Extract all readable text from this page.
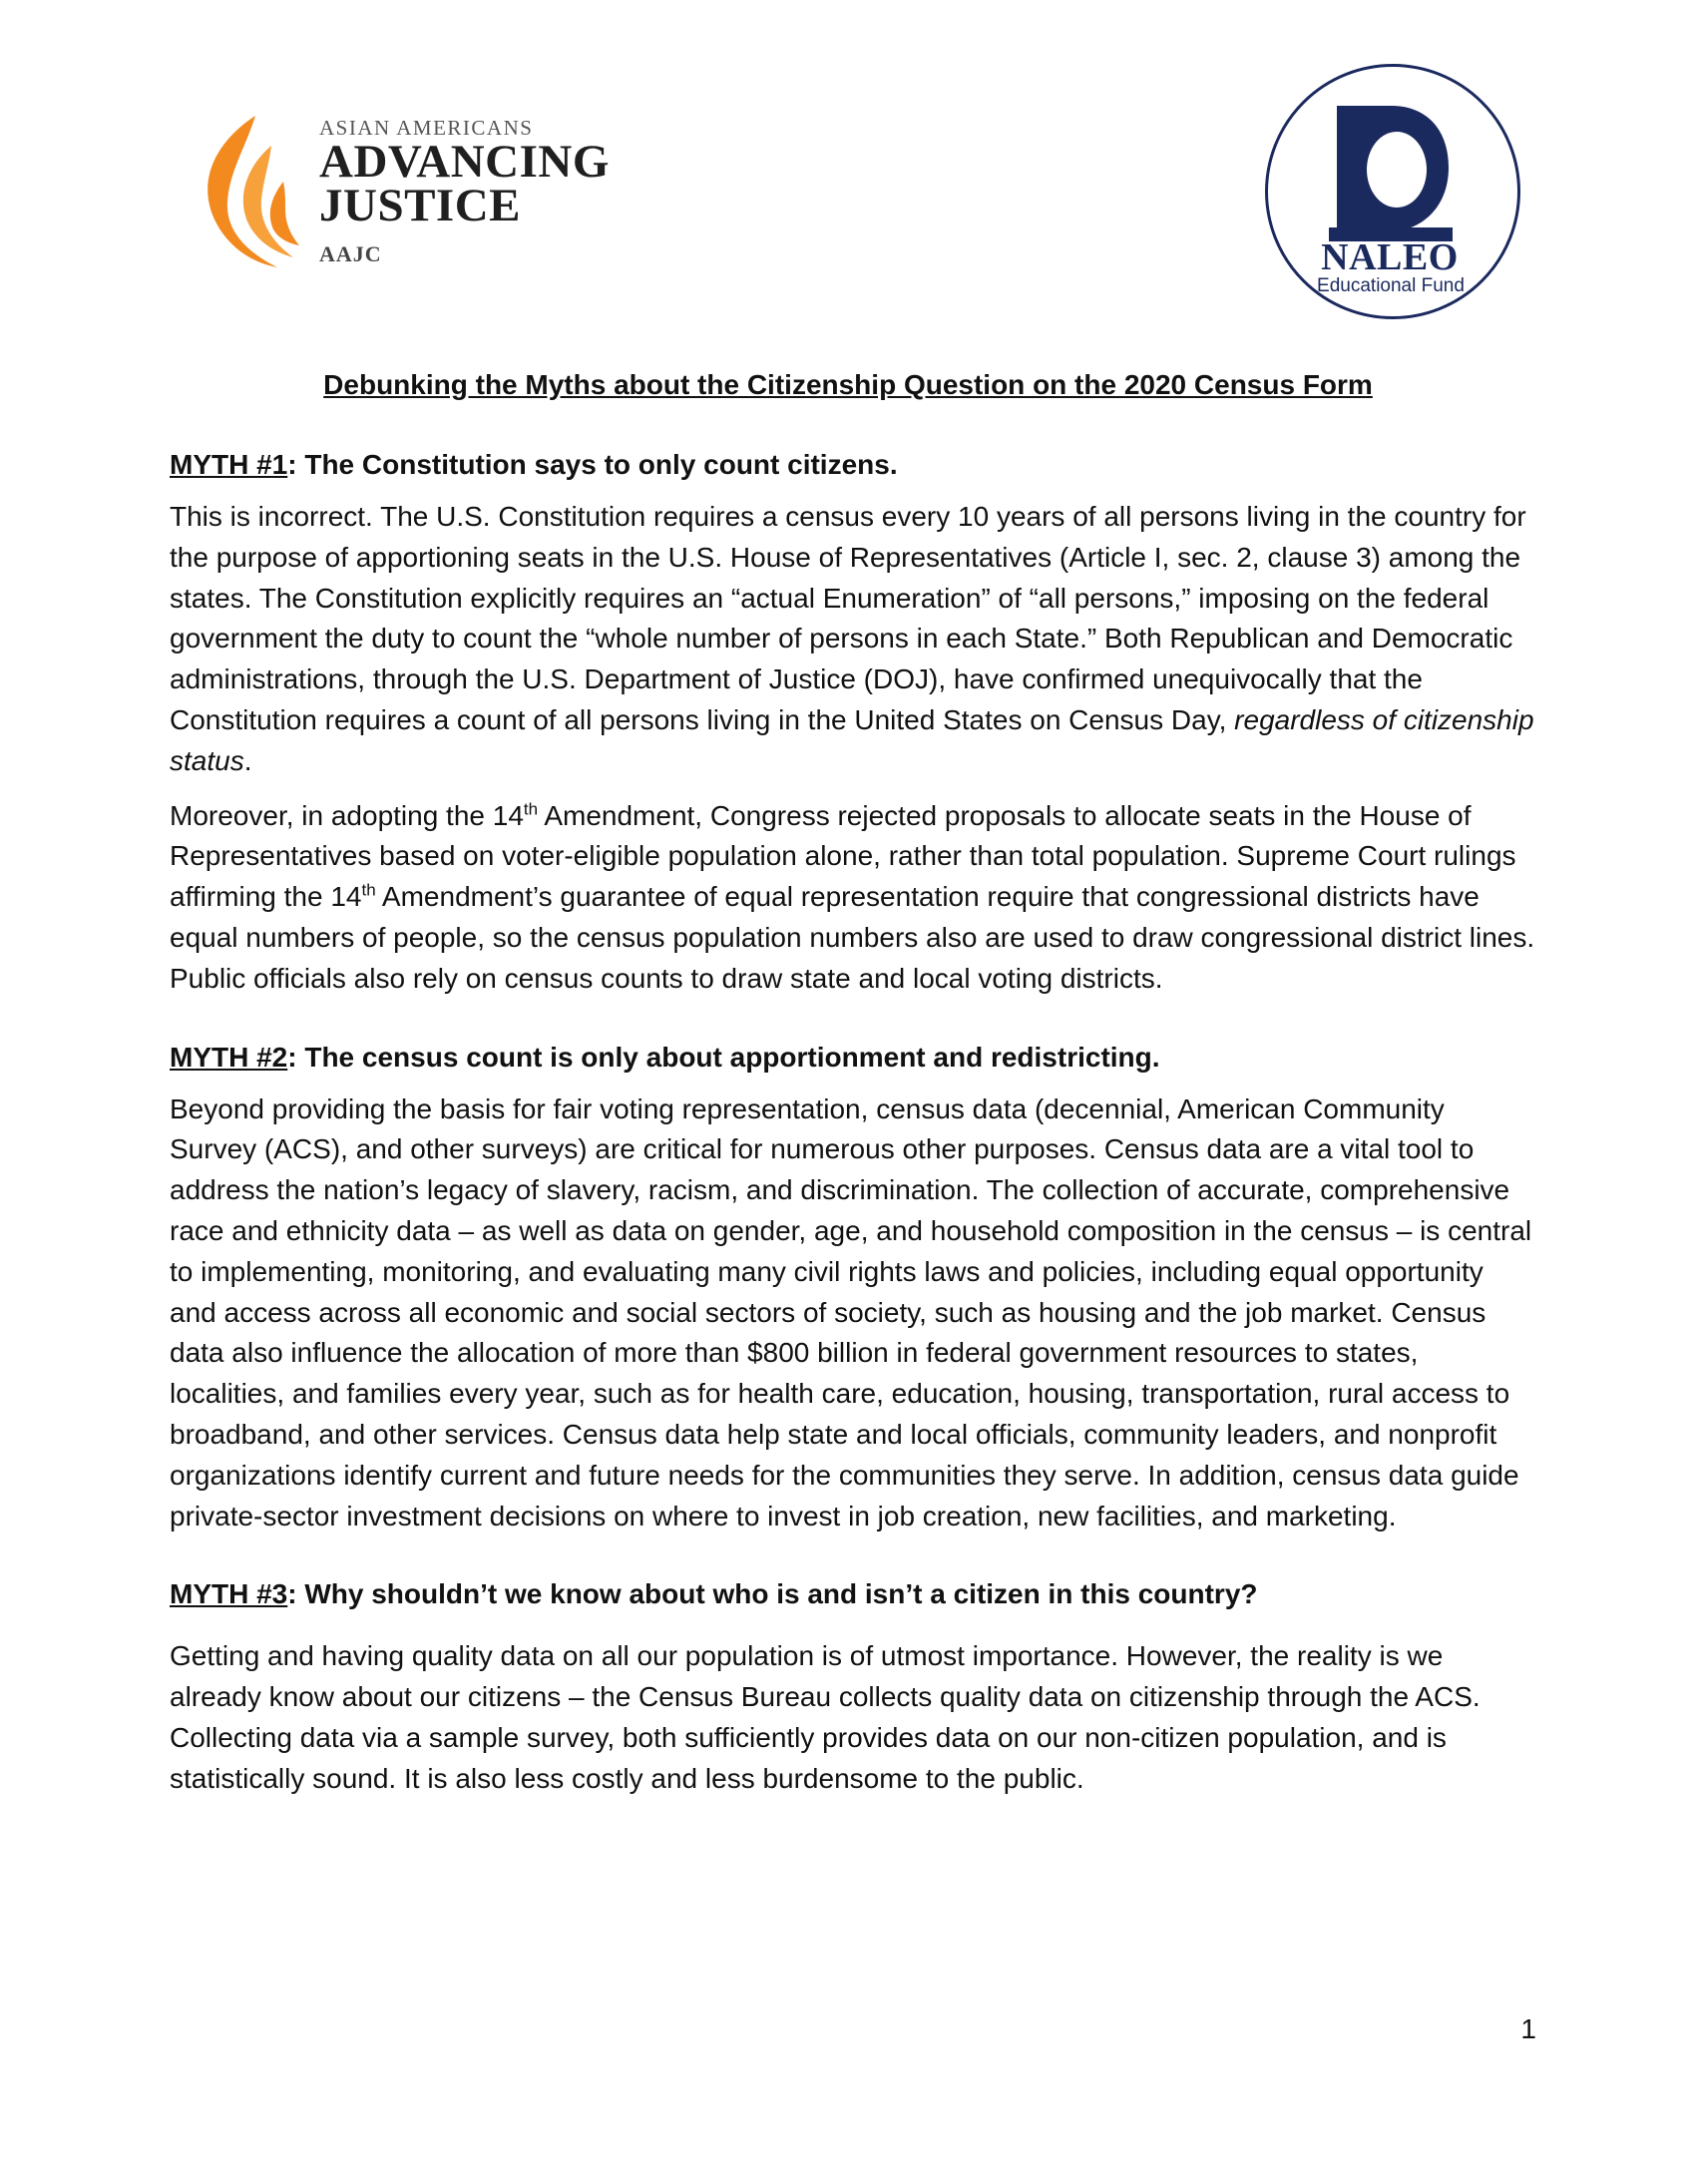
ASIAN AMERICANS

ADVANCING

JUSTICE

AAJC	NALEO
Educational Fund

Debunking the Myths about the Citizenship Question on the 2020 Census Form

MYTH #1: The Constitution says to only count citizens.

This is incorrect. The U.S. Constitution requires a census every 10 years of all persons living in the country for the purpose of apportioning seats in the U.S. House of Representatives (Article I, sec. 2, clause 3) among the states. The Constitution explicitly requires an “actual Enumeration” of “all persons,” imposing on the federal government the duty to count the “whole number of persons in each State.” Both Republican and Democratic administrations, through the U.S. Department of Justice (DOJ), have confirmed unequivocally that the Constitution requires a count of all persons living in the United States on Census Day, regardless of citizenship status.

Moreover, in adopting the 14th Amendment, Congress rejected proposals to allocate seats in the House of Representatives based on voter-eligible population alone, rather than total population. Supreme Court rulings affirming the 14th Amendment’s guarantee of equal representation require that congressional districts have equal numbers of people, so the census population numbers also are used to draw congressional district lines. Public officials also rely on census counts to draw state and local voting districts.

MYTH #2: The census count is only about apportionment and redistricting.

Beyond providing the basis for fair voting representation, census data (decennial, American Community Survey (ACS), and other surveys) are critical for numerous other purposes. Census data are a vital tool to address the nation’s legacy of slavery, racism, and discrimination. The collection of accurate, comprehensive race and ethnicity data – as well as data on gender, age, and household composition in the census – is central to implementing, monitoring, and evaluating many civil rights laws and policies, including equal opportunity and access across all economic and social sectors of society, such as housing and the job market. Census data also influence the allocation of more than $800 billion in federal government resources to states, localities, and families every year, such as for health care, education, housing, transportation, rural access to broadband, and other services. Census data help state and local officials, community leaders, and nonprofit organizations identify current and future needs for the communities they serve. In addition, census data guide private-sector investment decisions on where to invest in job creation, new facilities, and marketing.

MYTH #3: Why shouldn’t we know about who is and isn’t a citizen in this country?

Getting and having quality data on all our population is of utmost importance. However, the reality is we already know about our citizens – the Census Bureau collects quality data on citizenship through the ACS. Collecting data via a sample survey, both sufficiently provides data on our non-citizen population, and is statistically sound. It is also less costly and less burdensome to the public.

1
